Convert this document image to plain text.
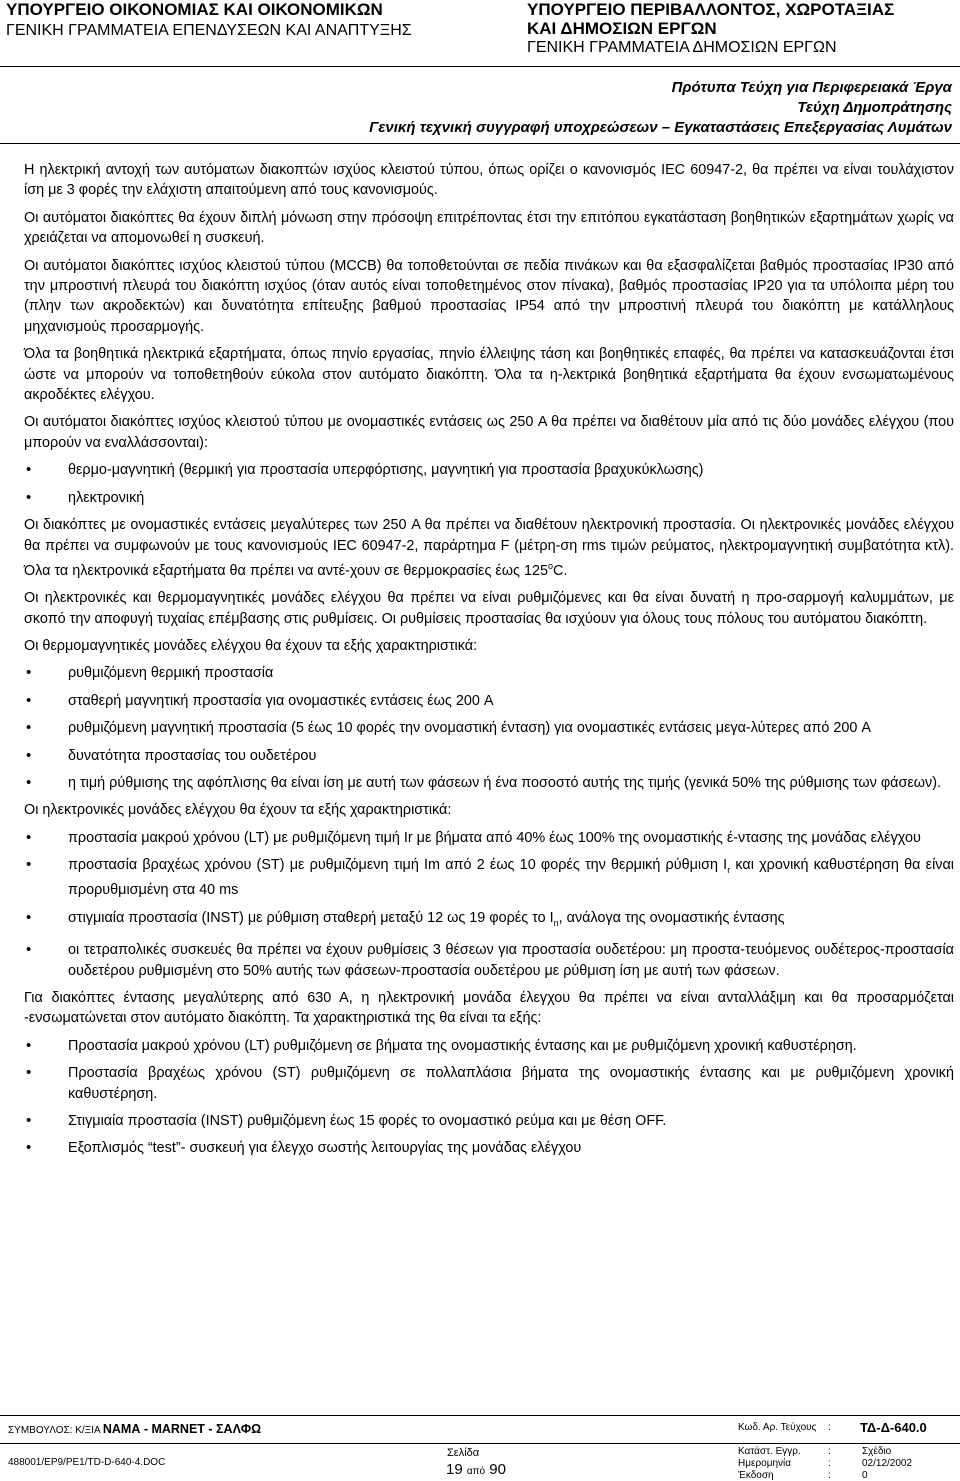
ΥΠΟΥΡΓΕΙΟ ΟΙΚΟΝΟΜΙΑΣ ΚΑΙ ΟΙΚΟΝΟΜΙΚΩΝ
ΓΕΝΙΚΗ ΓΡΑΜΜΑΤΕΙΑ ΕΠΕΝΔΥΣΕΩΝ ΚΑΙ ΑΝΑΠΤΥΞΗΣ
ΥΠΟΥΡΓΕΙΟ ΠΕΡΙΒΑΛΛΟΝΤΟΣ, ΧΩΡΟΤΑΞΙΑΣ
ΚΑΙ ΔΗΜΟΣΙΩΝ ΕΡΓΩΝ
ΓΕΝΙΚΗ ΓΡΑΜΜΑΤΕΙΑ ΔΗΜΟΣΙΩΝ ΕΡΓΩΝ
Πρότυπα Τεύχη για Περιφερειακά Έργα
Τεύχη Δημοπράτησης
Γενική τεχνική συγγραφή υποχρεώσεων – Εγκαταστάσεις Επεξεργασίας Λυμάτων

Η ηλεκτρική αντοχή των αυτόματων διακοπτών ισχύος κλειστού τύπου, όπως ορίζει ο κανονισμός IEC 60947-2, θα πρέπει να είναι τουλάχιστον ίση με 3 φορές την ελάχιστη απαιτούμενη από τους κανονισμούς.

Οι αυτόματοι διακόπτες θα έχουν διπλή μόνωση στην πρόσοψη επιτρέποντας έτσι την επιτόπου εγκατάσταση βοηθητικών εξαρτημάτων χωρίς να χρειάζεται να απομονωθεί η συσκευή.

Οι αυτόματοι διακόπτες ισχύος κλειστού τύπου (MCCB) θα τοποθετούνται σε πεδία πινάκων και θα εξασφαλίζεται βαθμός προστασίας IP30 από την μπροστινή πλευρά του διακόπτη ισχύος (όταν αυτός είναι τοποθετημένος στον πίνακα), βαθμός προστασίας IP20 για τα υπόλοιπα μέρη του (πλην των ακροδεκτών) και δυνατότητα επίτευξης βαθμού προστασίας IP54 από την μπροστινή πλευρά του διακόπτη με κατάλληλους μηχανισμούς προσαρμογής.

Όλα τα βοηθητικά ηλεκτρικά εξαρτήματα, όπως πηνίο εργασίας, πηνίο έλλειψης τάση και βοηθητικές επαφές, θα πρέπει να κατασκευάζονται έτσι ώστε να μπορούν να τοποθετηθούν εύκολα στον αυτόματο διακόπτη. Όλα τα η-λεκτρικά βοηθητικά εξαρτήματα θα έχουν ενσωματωμένους ακροδέκτες ελέγχου.

Οι αυτόματοι διακόπτες ισχύος κλειστού τύπου με ονομαστικές εντάσεις ως 250 A θα πρέπει να διαθέτουν μία από τις δύο μονάδες ελέγχου (που μπορούν να εναλλάσσονται):

• θερμο-μαγνητική (θερμική για προστασία υπερφόρτισης, μαγνητική για προστασία βραχυκύκλωσης)
• ηλεκτρονική

Οι διακόπτες με ονομαστικές εντάσεις μεγαλύτερες των 250 A θα πρέπει να διαθέτουν ηλεκτρονική προστασία. Οι ηλεκτρονικές μονάδες ελέγχου θα πρέπει να συμφωνούν με τους κανονισμούς IEC 60947-2, παράρτημα F (μέτρη-ση rms τιμών ρεύματος, ηλεκτρομαγνητική συμβατότητα κτλ). Όλα τα ηλεκτρονικά εξαρτήματα θα πρέπει να αντέ-χουν σε θερμοκρασίες έως $125^oC$.

Οι ηλεκτρονικές και θερμομαγνητικές μονάδες ελέγχου θα πρέπει να είναι ρυθμιζόμενες και θα είναι δυνατή η προ-σαρμογή καλυμμάτων, με σκοπό την αποφυγή τυχαίας επέμβασης στις ρυθμίσεις. Οι ρυθμίσεις προστασίας θα ισχύουν για όλους τους πόλους του αυτόματου διακόπτη.

Οι θερμομαγνητικές μονάδες ελέγχου θα έχουν τα εξής χαρακτηριστικά:

• ρυθμιζόμενη θερμική προστασία
• σταθερή μαγνητική προστασία για ονομαστικές εντάσεις έως 200 A
• ρυθμιζόμενη μαγνητική προστασία (5 έως 10 φορές την ονομαστική ένταση) για ονομαστικές εντάσεις μεγα-λύτερες από 200 A
• δυνατότητα προστασίας του ουδετέρου
• η τιμή ρύθμισης της αφόπλισης θα είναι ίση με αυτή των φάσεων ή ένα ποσοστό αυτής της τιμής (γενικά 50% της ρύθμισης των φάσεων).

Οι ηλεκτρονικές μονάδες ελέγχου θα έχουν τα εξής χαρακτηριστικά:

• προστασία μακρού χρόνου (LT) με ρυθμιζόμενη τιμή Ir με βήματα από 40% έως 100% της ονομαστικής έ-ντασης της μονάδας ελέγχου
• προστασία βραχέως χρόνου (ST) με ρυθμιζόμενη τιμή Im από 2 έως 10 φορές την θερμική ρύθμιση $I_r$ και χρονική καθυστέρηση θα είναι προρυθμισμένη στα 40 ms
• στιγμιαία προστασία (INST) με ρύθμιση σταθερή μεταξύ 12 ως 19 φορές το $I_n$, ανάλογα της ονομαστικής έντασης
• οι τετραπολικές συσκευές θα πρέπει να έχουν ρυθμίσεις 3 θέσεων για προστασία ουδετέρου: μη προστα-τευόμενος ουδέτερος-προστασία ουδετέρου ρυθμισμένη στο 50% αυτής των φάσεων-προστασία ουδετέρου με ρύθμιση ίση με αυτή των φάσεων.

Για διακόπτες έντασης μεγαλύτερης από 630 Α, η ηλεκτρονική μονάδα έλεγχου θα πρέπει να είναι ανταλλάξιμη και θα προσαρμόζεται -ενσωματώνεται στον αυτόματο διακόπτη. Τα χαρακτηριστικά της θα είναι τα εξής:

• Προστασία μακρού χρόνου (LT) ρυθμιζόμενη σε βήματα της ονομαστικής έντασης και με ρυθμιζόμενη χρονική καθυστέρηση.
• Προστασία βραχέως χρόνου (ST) ρυθμιζόμενη σε πολλαπλάσια βήματα της ονομαστικής έντασης και με ρυθμιζόμενη χρονική καθυστέρηση.
• Στιγμιαία προστασία (INST) ρυθμιζόμενη έως 15 φορές το ονομαστικό ρεύμα και με θέση OFF.
• Εξοπλισμός “test”- συσκευή για έλεγχο σωστής λειτουργίας της μονάδας ελέγχου
ΣΥΜΒΟΥΛΟΣ: Κ/ΞΙΑ ΝΑΜΑ - MARNET - ΣΑΛΦΩ
488001/EP9/PE1/TD-D-640-4.DOC
Σελίδα
19 από 90
Κωδ. Αρ. Τεύχους : ΤΔ-Δ-640.0
Κατάστ. Εγγρ.	:	Σχέδιο
Ημερομηνία	:	02/12/2002
Έκδοση	:	0
